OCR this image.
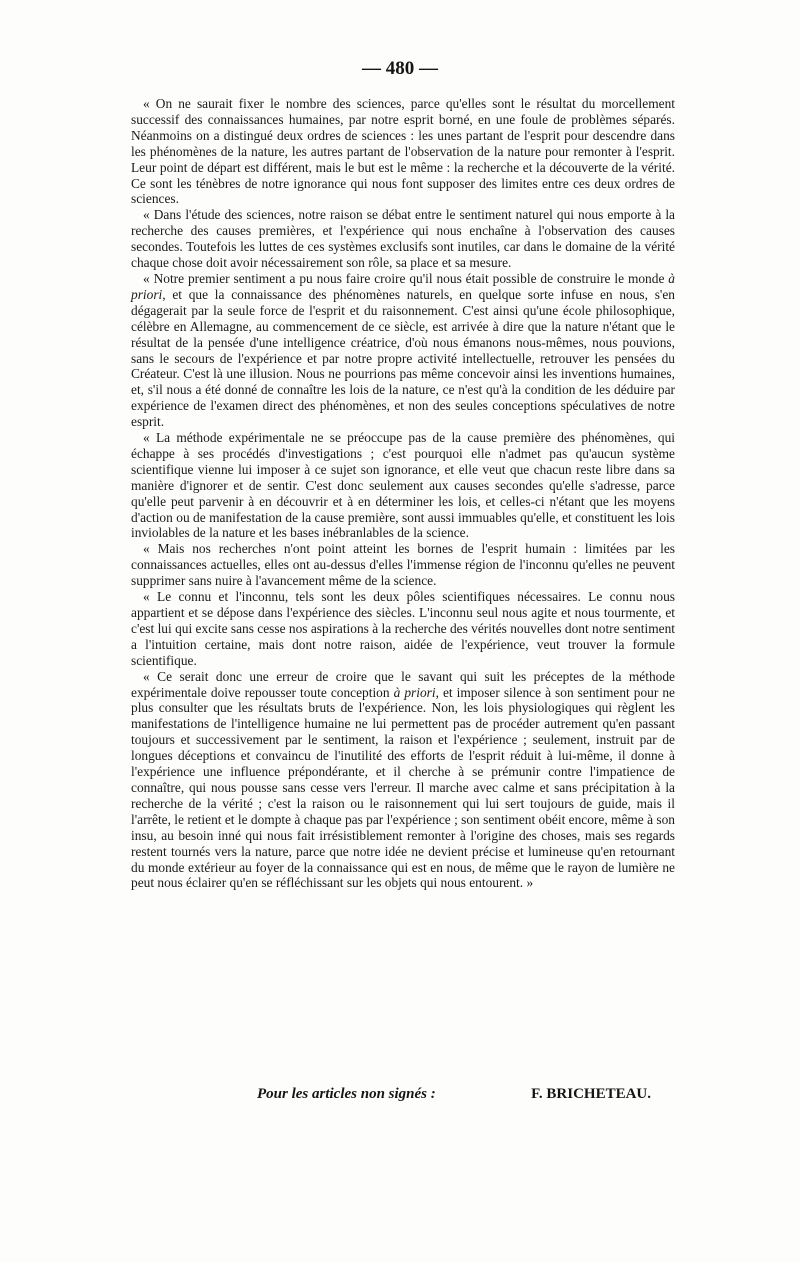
— 480 —

« On ne saurait fixer le nombre des sciences, parce qu'elles sont le résultat du morcellement successif des connaissances humaines, par notre esprit borné, en une foule de problèmes séparés. Néanmoins on a distingué deux ordres de sciences : les unes partant de l'esprit pour descendre dans les phénomènes de la nature, les autres partant de l'observation de la nature pour remonter à l'esprit. Leur point de départ est différent, mais le but est le même : la recherche et la découverte de la vérité. Ce sont les ténèbres de notre ignorance qui nous font supposer des limites entre ces deux ordres de sciences.

« Dans l'étude des sciences, notre raison se débat entre le sentiment naturel qui nous emporte à la recherche des causes premières, et l'expérience qui nous enchaîne à l'observation des causes secondes. Toutefois les luttes de ces systèmes exclusifs sont inutiles, car dans le domaine de la vérité chaque chose doit avoir nécessairement son rôle, sa place et sa mesure.

« Notre premier sentiment a pu nous faire croire qu'il nous était possible de construire le monde à priori, et que la connaissance des phénomènes naturels, en quelque sorte infuse en nous, s'en dégagerait par la seule force de l'esprit et du raisonnement. C'est ainsi qu'une école philosophique, célèbre en Allemagne, au commencement de ce siècle, est arrivée à dire que la nature n'étant que le résultat de la pensée d'une intelligence créatrice, d'où nous émanons nous-mêmes, nous pouvions, sans le secours de l'expérience et par notre propre activité intellectuelle, retrouver les pensées du Créateur. C'est là une illusion. Nous ne pourrions pas même concevoir ainsi les inventions humaines, et, s'il nous a été donné de connaître les lois de la nature, ce n'est qu'à la condition de les déduire par expérience de l'examen direct des phénomènes, et non des seules conceptions spéculatives de notre esprit.

« La méthode expérimentale ne se préoccupe pas de la cause première des phénomènes, qui échappe à ses procédés d'investigations ; c'est pourquoi elle n'admet pas qu'aucun système scientifique vienne lui imposer à ce sujet son ignorance, et elle veut que chacun reste libre dans sa manière d'ignorer et de sentir. C'est donc seulement aux causes secondes qu'elle s'adresse, parce qu'elle peut parvenir à en découvrir et à en déterminer les lois, et celles-ci n'étant que les moyens d'action ou de manifestation de la cause première, sont aussi immuables qu'elle, et constituent les lois inviolables de la nature et les bases inébranlables de la science.

« Mais nos recherches n'ont point atteint les bornes de l'esprit humain : limitées par les connaissances actuelles, elles ont au-dessus d'elles l'immense région de l'inconnu qu'elles ne peuvent supprimer sans nuire à l'avancement même de la science.

« Le connu et l'inconnu, tels sont les deux pôles scientifiques nécessaires. Le connu nous appartient et se dépose dans l'expérience des siècles. L'inconnu seul nous agite et nous tourmente, et c'est lui qui excite sans cesse nos aspirations à la recherche des vérités nouvelles dont notre sentiment a l'intuition certaine, mais dont notre raison, aidée de l'expérience, veut trouver la formule scientifique.

« Ce serait donc une erreur de croire que le savant qui suit les préceptes de la méthode expérimentale doive repousser toute conception à priori, et imposer silence à son sentiment pour ne plus consulter que les résultats bruts de l'expérience. Non, les lois physiologiques qui règlent les manifestations de l'intelligence humaine ne lui permettent pas de procéder autrement qu'en passant toujours et successivement par le sentiment, la raison et l'expérience ; seulement, instruit par de longues déceptions et convaincu de l'inutilité des efforts de l'esprit réduit à lui-même, il donne à l'expérience une influence prépondérante, et il cherche à se prémunir contre l'impatience de connaître, qui nous pousse sans cesse vers l'erreur. Il marche avec calme et sans précipitation à la recherche de la vérité ; c'est la raison ou le raisonnement qui lui sert toujours de guide, mais il l'arrête, le retient et le dompte à chaque pas par l'expérience ; son sentiment obéit encore, même à son insu, au besoin inné qui nous fait irrésistiblement remonter à l'origine des choses, mais ses regards restent tournés vers la nature, parce que notre idée ne devient précise et lumineuse qu'en retournant du monde extérieur au foyer de la connaissance qui est en nous, de même que le rayon de lumière ne peut nous éclairer qu'en se réfléchissant sur les objets qui nous entourent. »

Pour les articles non signés :	F. BRICHETEAU.
